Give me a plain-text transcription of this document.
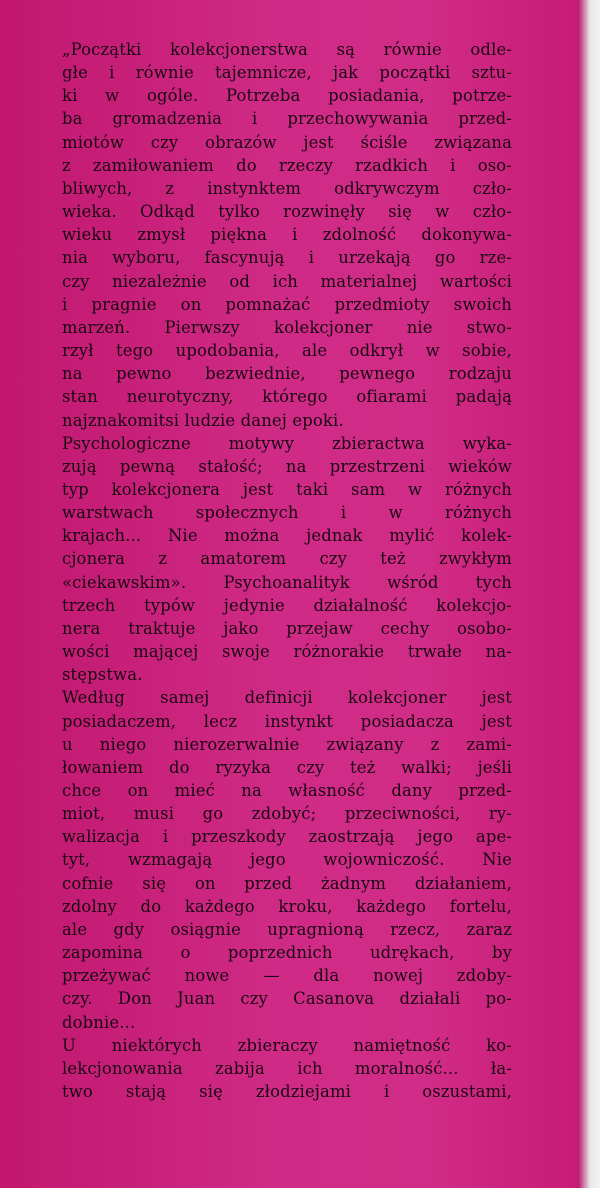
„Początki kolekcjonerstwa są równie odle-
głe i równie tajemnicze, jak początki sztu-
ki w ogóle. Potrzeba posiadania, potrze-
ba gromadzenia i przechowywania przed-
miotów czy obrazów jest ściśle związana
z zamiłowaniem do rzeczy rzadkich i oso-
bliwych, z instynktem odkrywczym czło-
wieka. Odkąd tylko rozwinęły się w czło-
wieku zmysł piękna i zdolność dokonywa-
nia wyboru, fascynują i urzekają go rze-
czy niezależnie od ich materialnej wartości
i pragnie on pomnażać przedmioty swoich
marzeń. Pierwszy kolekcjoner nie stwo-
rzył tego upodobania, ale odkrył w sobie,
na pewno bezwiednie, pewnego rodzaju
stan neurotyczny, którego ofiarami padają
najznakomitsi ludzie danej epoki.

Psychologiczne motywy zbieractwa wyka-
zują pewną stałość; na przestrzeni wieków
typ kolekcjonera jest taki sam w różnych
warstwach społecznych i w różnych
krajach... Nie można jednak mylić kolek-
cjonera z amatorem czy też zwykłym
«ciekawskim». Psychoanalityk wśród tych
trzech typów jedynie działalność kolekcjo-
nera traktuje jako przejaw cechy osobo-
wości mającej swoje różnorakie trwałe na-
stępstwa.

Według samej definicji kolekcjoner jest
posiadaczem, lecz instynkt posiadacza jest
u niego nierozerwalnie związany z zami-
łowaniem do ryzyka czy też walki; jeśli
chce on mieć na własność dany przed-
miot, musi go zdobyć; przeciwności, ry-
walizacja i przeszkody zaostrzają jego ape-
tyt, wzmagają jego wojowniczość. Nie
cofnie się on przed żadnym działaniem,
zdolny do każdego kroku, każdego fortelu,
ale gdy osiągnie upragnioną rzecz, zaraz
zapomina o poprzednich udrękach, by
przeżywać nowe — dla nowej zdoby-
czy. Don Juan czy Casanova działali po-
dobnie...

U niektórych zbieraczy namiętność ko-
lekcjonowania zabija ich moralność... ła-
two stają się złodziejami i oszustami,
